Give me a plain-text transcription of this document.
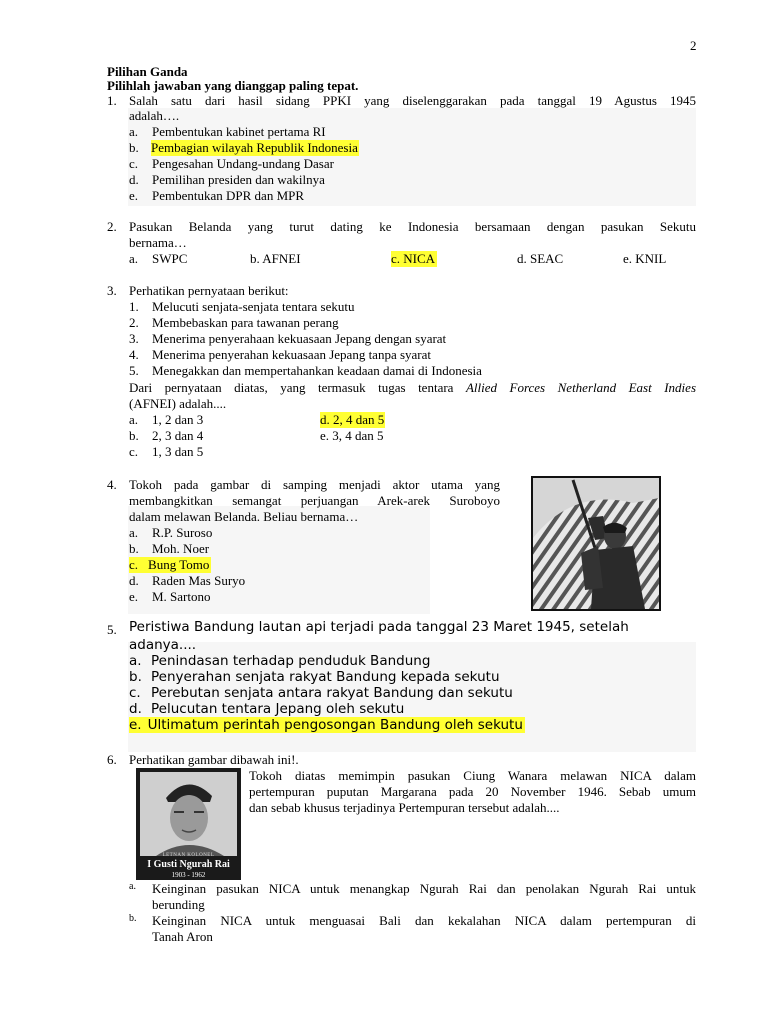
2
Pilihan Ganda
Pilihlah jawaban yang dianggap paling tepat.
1. Salah satu dari hasil sidang PPKI yang diselenggarakan pada tanggal 19 Agustus 1945
adalah….
a. Pembentukan kabinet pertama RI
b. Pembagian wilayah Republik Indonesia
c. Pengesahan Undang-undang Dasar
d. Pemilihan presiden dan wakilnya
e. Pembentukan DPR dan MPR
2. Pasukan Belanda yang turut dating ke Indonesia bersamaan dengan pasukan Sekutu
bernama…
a. SWPC	b. AFNEI	c. NICA	d. SEAC	e. KNIL
3. Perhatikan pernyataan berikut:
1. Melucuti senjata-senjata tentara sekutu
2. Membebaskan para tawanan perang
3. Menerima penyerahaan kekuasaan Jepang dengan syarat
4. Menerima penyerahan kekuasaan Jepang tanpa syarat
5. Menegakkan dan mempertahankan keadaan damai di Indonesia
Dari pernyataan diatas, yang termasuk tugas tentara Allied Forces Netherland East Indies
(AFNEI) adalah....
a. 1, 2 dan 3	d. 2, 4 dan 5
b. 2, 3 dan 4	e. 3, 4 dan 5
c. 1, 3 dan 5
4. Tokoh pada gambar di samping menjadi aktor utama yang
membangkitkan semangat perjuangan Arek-arek Suroboyo
dalam melawan Belanda. Beliau bernama…
a. R.P. Suroso
b. Moh. Noer
c. Bung Tomo
d. Raden Mas Suryo
e. M. Sartono
5. Peristiwa Bandung lautan api terjadi pada tanggal 23 Maret 1945, setelah
adanya....
a. Penindasan terhadap penduduk Bandung
b. Penyerahan senjata rakyat Bandung kepada sekutu
c. Perebutan senjata antara rakyat Bandung dan sekutu
d. Pelucutan tentara Jepang oleh sekutu
e. Ultimatum perintah pengosongan Bandung oleh sekutu
6. Perhatikan gambar dibawah ini!.
Tokoh diatas memimpin pasukan Ciung Wanara melawan NICA dalam
pertempuran puputan Margarana pada 20 November 1946. Sebab umum
dan sebab khusus terjadinya Pertempuran tersebut adalah....
a. Keinginan pasukan NICA untuk menangkap Ngurah Rai dan penolakan Ngurah Rai untuk
berunding
b. Keinginan NICA untuk menguasai Bali dan kekalahan NICA dalam pertempuran di
Tanah Aron
LETNAN KOLONEL
I Gusti Ngurah Rai
1903 - 1962
